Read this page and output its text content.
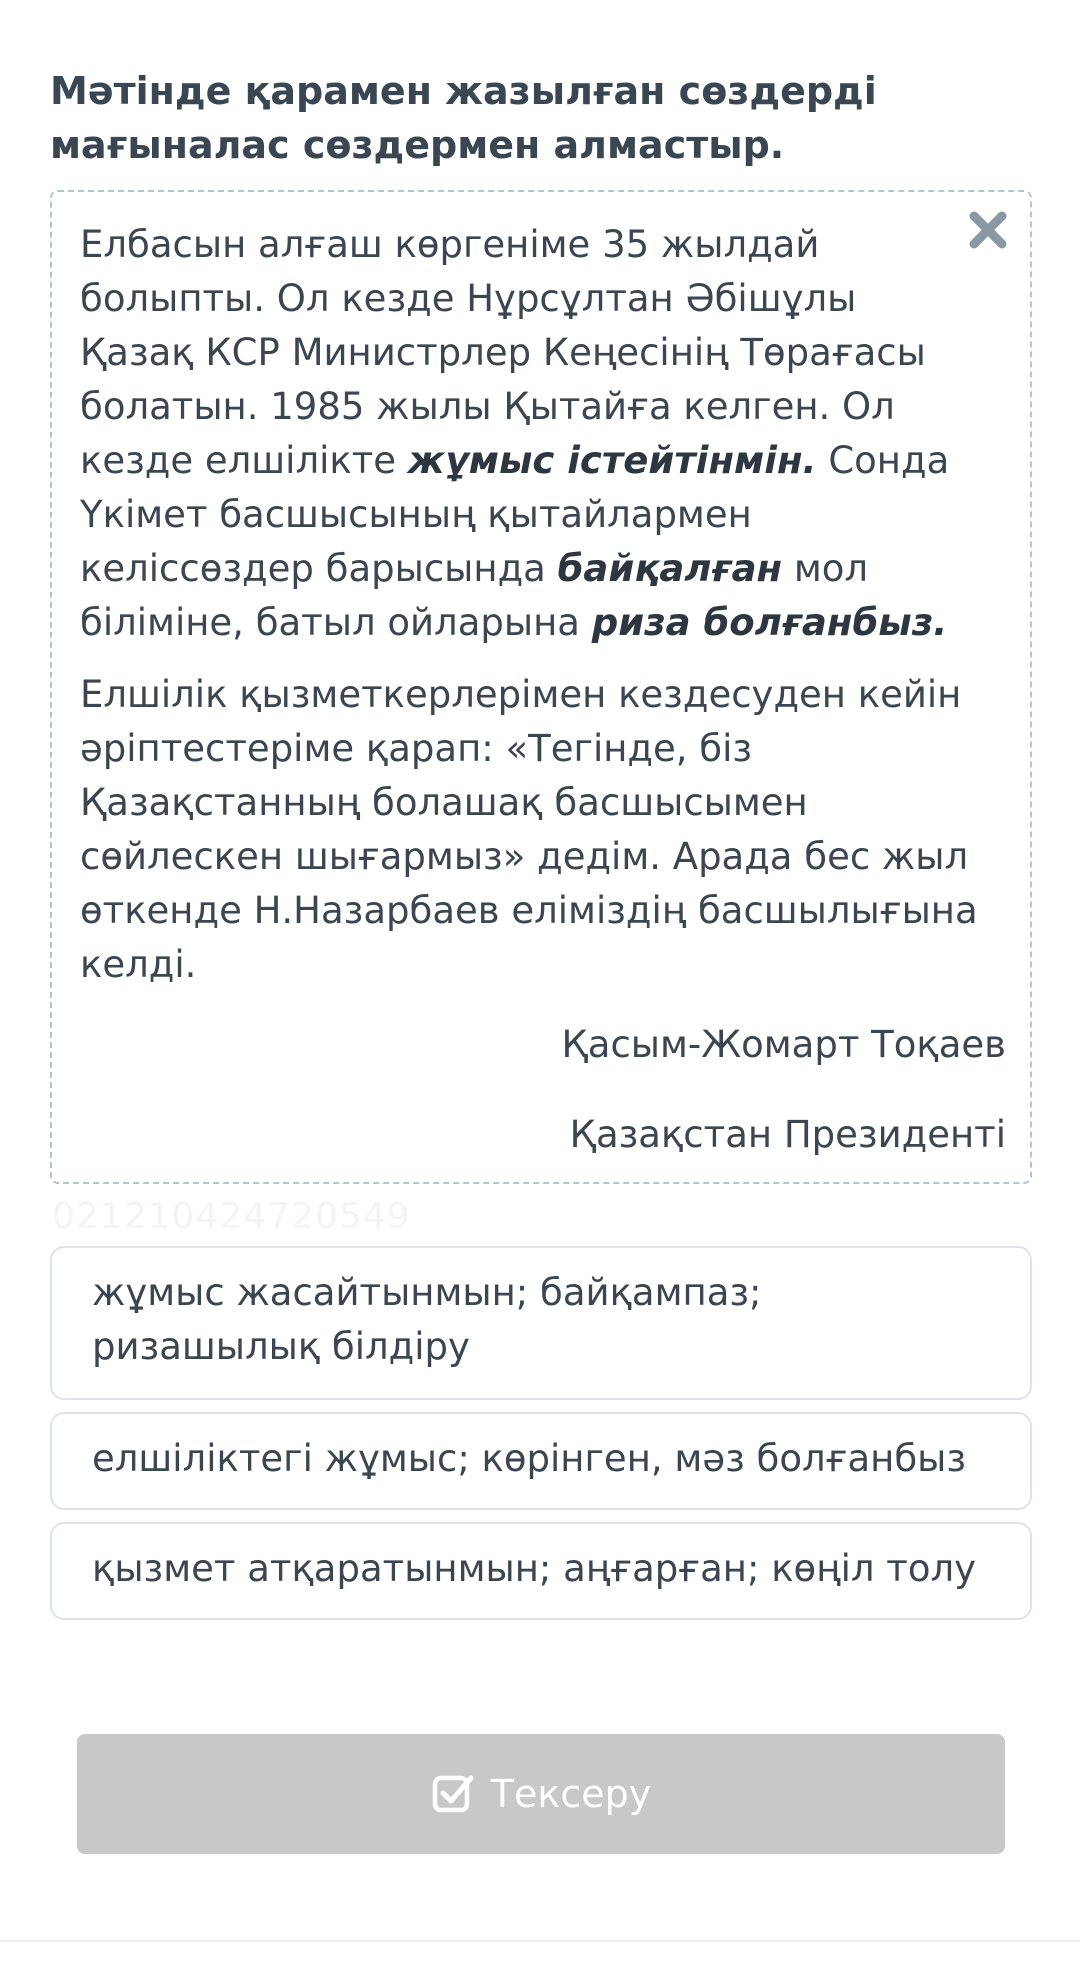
Мәтінде қарамен жазылған сөздерді
мағыналас сөздермен алмастыр.

Елбасын алғаш көргеніме 35 жылдай болыпты. Ол кезде Нұрсұлтан Әбішұлы Қазақ КСР Министрлер Кеңесінің Төрағасы болатын. 1985 жылы Қытайға келген. Ол кезде елшілікте жұмыс істейтінмін. Сонда Үкімет басшысының қытайлармен келіссөздер барысында байқалған мол біліміне, батыл ойларына риза болғанбыз.

Елшілік қызметкерлерімен кездесуден кейін әріптестеріме қарап: «Тегінде, біз Қазақстанның болашақ басшысымен сөйлескен шығармыз» дедім. Арада бес жыл өткенде Н.Назарбаев еліміздің басшылығына келді.

Қасым-Жомарт Тоқаев
Қазақстан Президенті
021210424720549
жұмыс жасайтынмын; байқампаз; ризашылық білдіру
елшіліктегі жұмыс; көрінген, мәз болғанбыз
қызмет атқаратынмын; аңғарған; көңіл толу
Тексеру
